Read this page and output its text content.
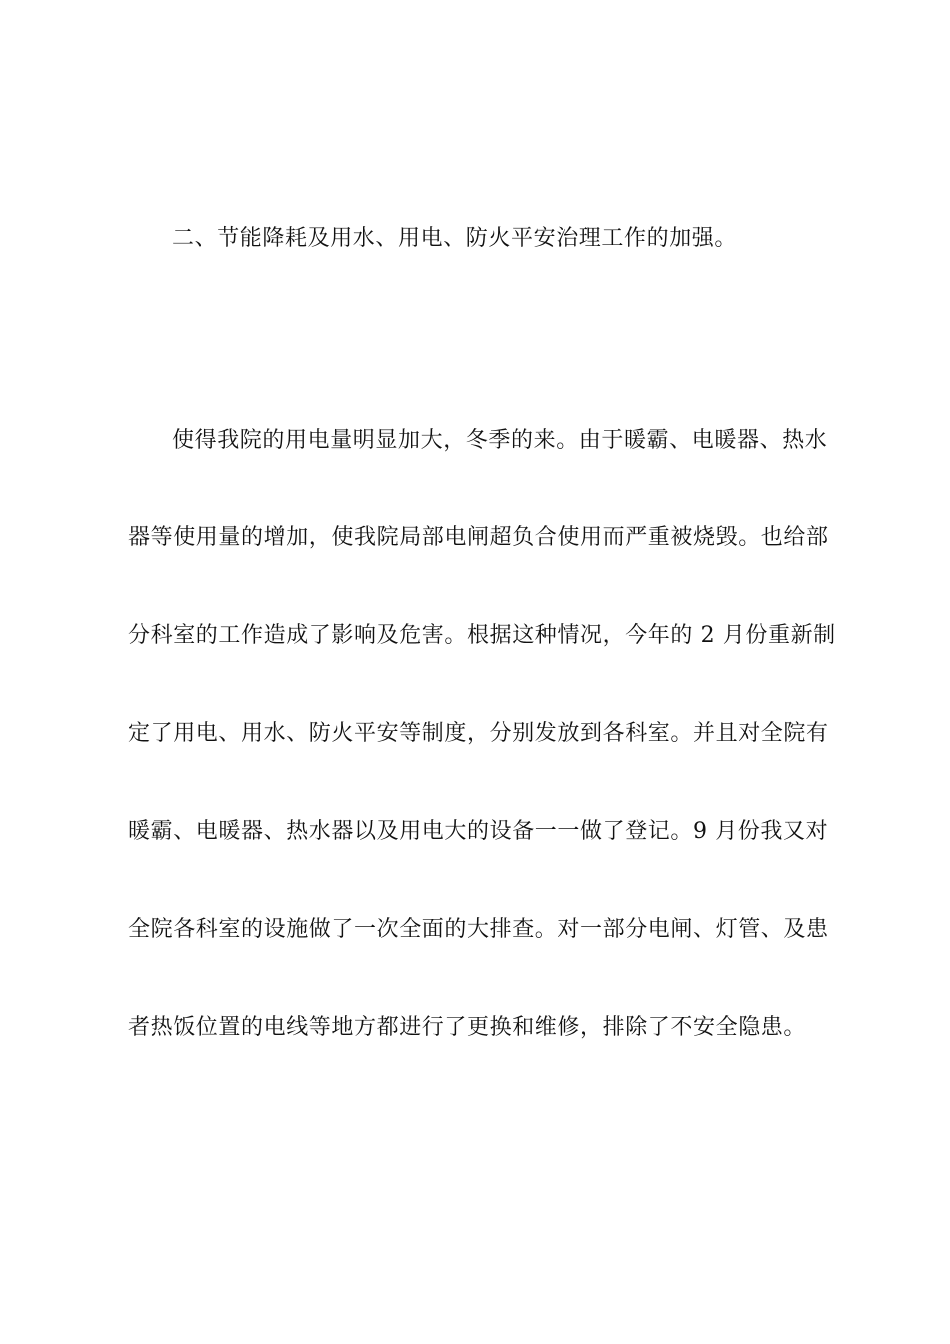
二、节能降耗及用水、用电、防火平安治理工作的加强。
使得我院的用电量明显加大，冬季的来。由于暖霸、电暖器、热水
器等使用量的增加，使我院局部电闸超负合使用而严重被烧毁。也给部
分科室的工作造成了影响及危害。根据这种情况，今年的 2 月份重新制
定了用电、用水、防火平安等制度，分别发放到各科室。并且对全院有
暖霸、电暖器、热水器以及用电大的设备一一做了登记。9 月份我又对
全院各科室的设施做了一次全面的大排查。对一部分电闸、灯管、及患
者热饭位置的电线等地方都进行了更换和维修，排除了不安全隐患。
